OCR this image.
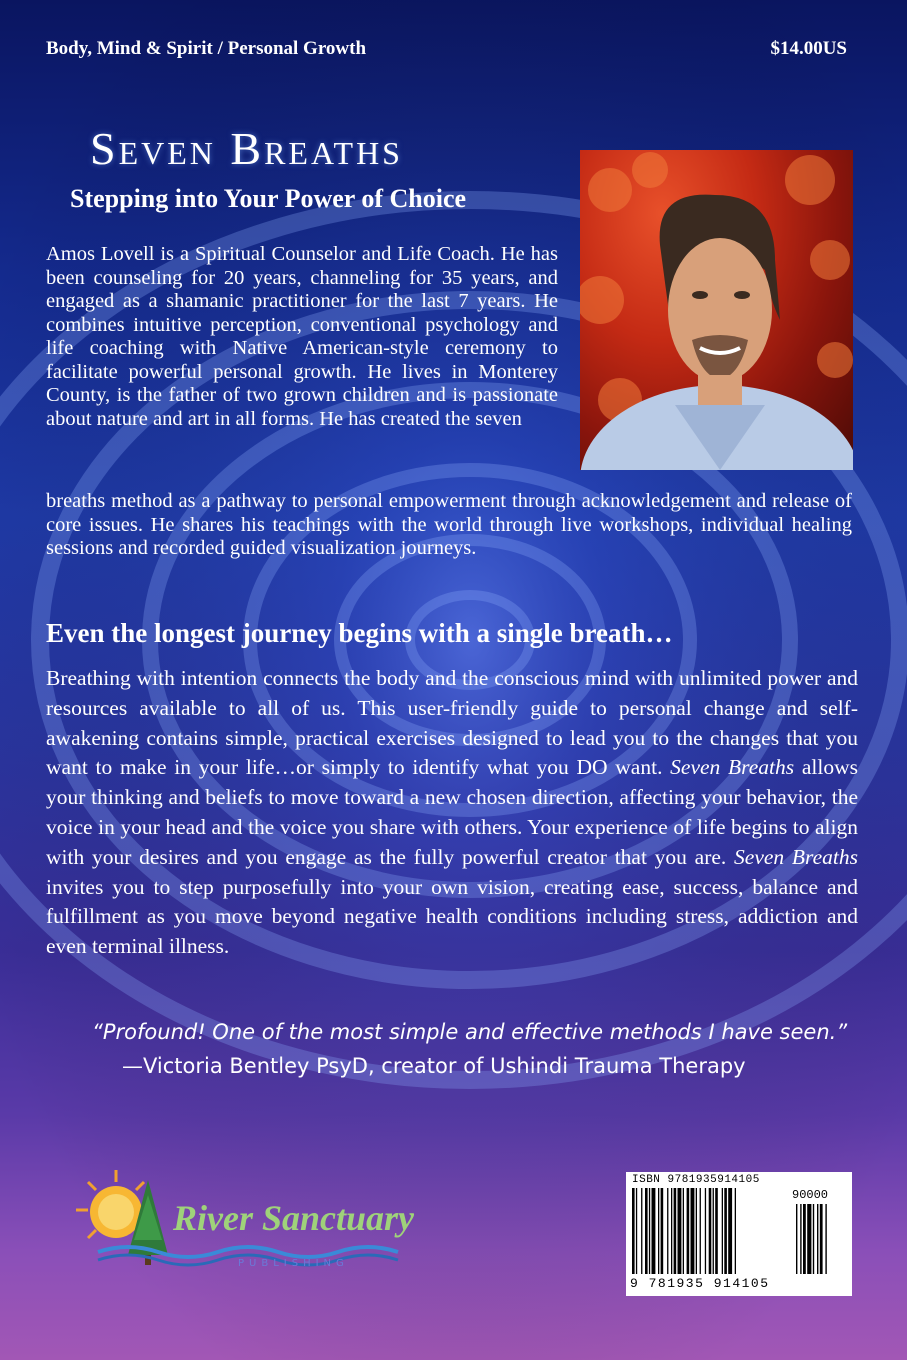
Body, Mind & Spirit / Personal Growth	$14.00US
Seven Breaths
Stepping into Your Power of Choice
Amos Lovell is a Spiritual Counselor and Life Coach. He has been counseling for 20 years, channeling for 35 years, and engaged as a shamanic practitioner for the last 7 years. He combines intuitive perception, conventional psychology and life coaching with Native American-style ceremony to facilitate powerful personal growth. He lives in Monterey County, is the father of two grown children and is passionate about nature and art in all forms. He has created the seven
breaths method as a pathway to personal empowerment through acknowledgement and release of core issues. He shares his teachings with the world through live workshops, individual healing sessions and recorded guided visualization journeys.
Even the longest journey begins with a single breath…
Breathing with intention connects the body and the conscious mind with unlimited power and resources available to all of us. This user-friendly guide to personal change and self-awakening contains simple, practical exercises designed to lead you to the changes that you want to make in your life…or simply to identify what you DO want. Seven Breaths allows your thinking and beliefs to move toward a new chosen direction, affecting your behavior, the voice in your head and the voice you share with others. Your experience of life begins to align with your desires and you engage as the fully powerful creator that you are. Seven Breaths invites you to step purposefully into your own vision, creating ease, success, balance and fulfillment as you move beyond negative health conditions including stress, addiction and even terminal illness.
“Profound! One of the most simple and effective methods I have seen.”
—Victoria Bentley PsyD, creator of Ushindi Trauma Therapy
River Sanctuary
PUBLISHING
ISBN 9781935914105
90000
9 781935 914105
